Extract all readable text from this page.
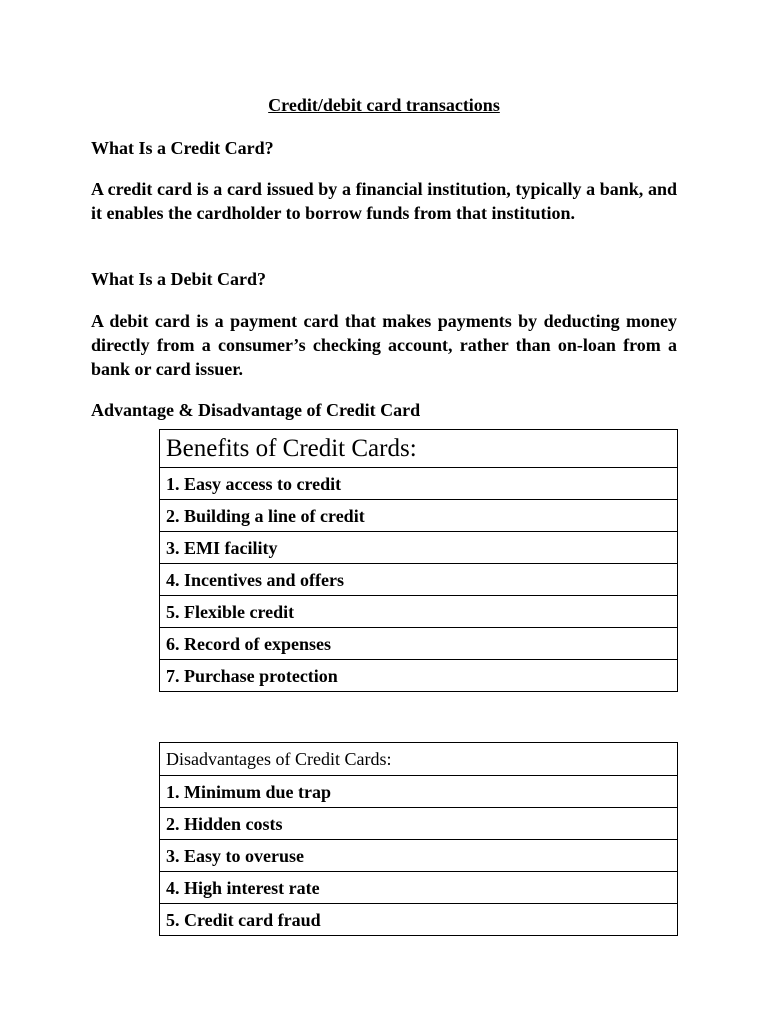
Credit/debit card transactions
What Is a Credit Card?
A credit card is a card issued by a financial institution, typically a bank, and it enables the cardholder to borrow funds from that institution.
What Is a Debit Card?
A debit card is a payment card that makes payments by deducting money directly from a consumer’s checking account, rather than on-loan from a bank or card issuer.
Advantage & Disadvantage of Credit Card
Benefits of Credit Cards:
1. Easy access to credit
2. Building a line of credit
3. EMI facility
4. Incentives and offers
5. Flexible credit
6. Record of expenses
7. Purchase protection
Disadvantages of Credit Cards:
1. Minimum due trap
2. Hidden costs
3. Easy to overuse
4. High interest rate
5. Credit card fraud
